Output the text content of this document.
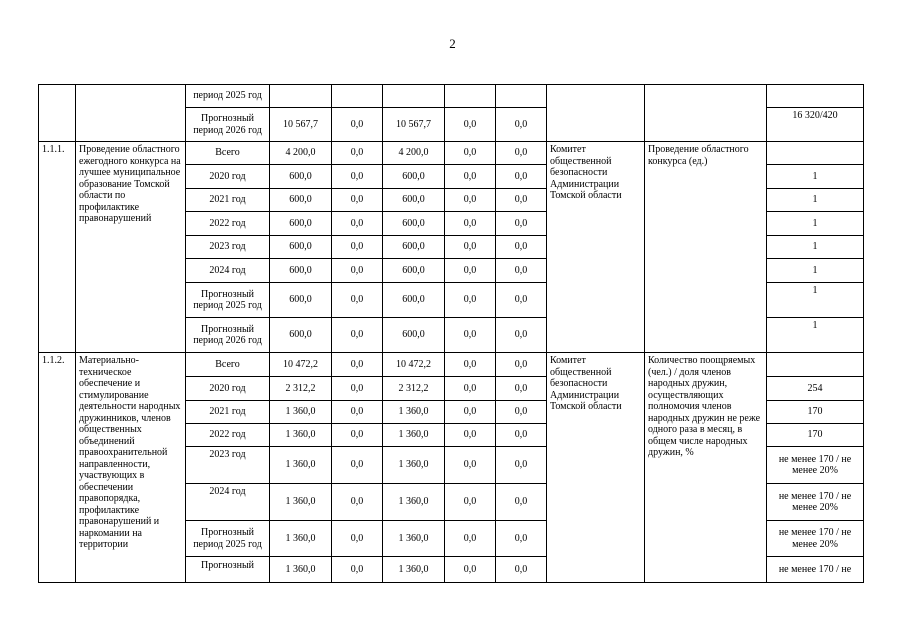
2
		период 2025 год								
		Прогнозный период 2026 год	10 567,7	0,0	10 567,7	0,0	0,0			16 320/420
1.1.1.	Проведение областного ежегодного конкурса на лучшее муниципальное образование Томской области по профилактике правонарушений	Всего	4 200,0	0,0	4 200,0	0,0	0,0	Комитет общественной безопасности Администрации Томской области	Проведение областного конкурса (ед.)	
		2020 год	600,0	0,0	600,0	0,0	0,0			1
		2021 год	600,0	0,0	600,0	0,0	0,0			1
		2022 год	600,0	0,0	600,0	0,0	0,0			1
		2023 год	600,0	0,0	600,0	0,0	0,0			1
		2024 год	600,0	0,0	600,0	0,0	0,0			1
		Прогнозный период 2025 год	600,0	0,0	600,0	0,0	0,0			1
		Прогнозный период 2026 год	600,0	0,0	600,0	0,0	0,0			1
1.1.2.	Материально-техническое обеспечение и стимулирование деятельности народных дружинников, членов общественных объединений правоохранительной направленности, участвующих в обеспечении правопорядка, профилактике правонарушений и наркомании на территории	Всего	10 472,2	0,0	10 472,2	0,0	0,0	Комитет общественной безопасности Администрации Томской области	Количество поощряемых (чел.) / доля членов народных дружин, осуществляющих полномочия членов народных дружин не реже одного раза в месяц, в общем числе народных дружин, %	
		2020 год	2 312,2	0,0	2 312,2	0,0	0,0			254
		2021 год	1 360,0	0,0	1 360,0	0,0	0,0			170
		2022 год	1 360,0	0,0	1 360,0	0,0	0,0			170
		2023 год	1 360,0	0,0	1 360,0	0,0	0,0			не менее 170 / не менее 20%
		2024 год	1 360,0	0,0	1 360,0	0,0	0,0			не менее 170 / не менее 20%
		Прогнозный период 2025 год	1 360,0	0,0	1 360,0	0,0	0,0			не менее 170 / не менее 20%
		Прогнозный	1 360,0	0,0	1 360,0	0,0	0,0			не менее 170 / не
